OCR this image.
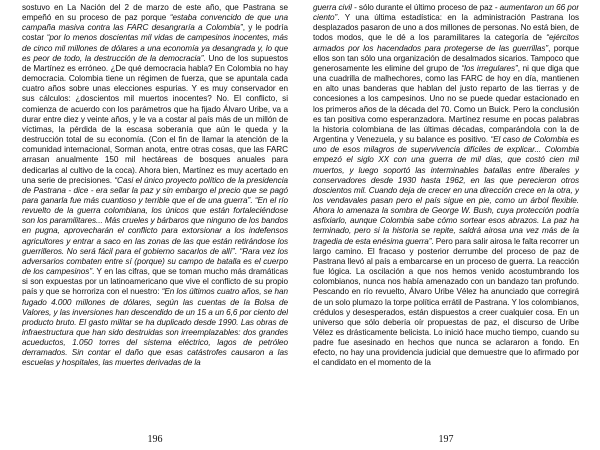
sostuvo en La Nación del 2 de marzo de este año, que Pastrana se empeñó en su proceso de paz porque “estaba convencido de que una campaña masiva contra las FARC desangraría a Colombia”, y le podría costar “por lo menos doscientas mil vidas de campesinos inocentes, más de cinco mil millones de dólares a una economía ya desangrada y, lo que es peor de todo, la destrucción de la democracia”. Uno de los supuestos de Martínez es erróneo. ¿De qué democracia habla? En Colombia no hay democracia. Colombia tiene un régimen de fuerza, que se apuntala cada cuatro años sobre unas elecciones espurias. Y es muy conservador en sus cálculos: ¿doscientos mil muertos inocentes? No. El conflicto, si comienza de acuerdo con los parámetros que ha fijado Álvaro Uribe, va a durar entre diez y veinte años, y le va a costar al país más de un millón de víctimas, la pérdida de la escasa soberanía que aún le queda y la destrucción total de su economía. (Con el fin de llamar la atención de la comunidad internacional, Sorman anota, entre otras cosas, que las FARC arrasan anualmente 150 mil hectáreas de bosques anuales para dedicarlas al cultivo de la coca). Ahora bien, Martínez es muy acertado en una serie de precisiones. “Casi el único proyecto político de la presidencia de Pastrana - dice - era sellar la paz y sin embargo el precio que se pagó para ganarla fue más cuantioso y terrible que el de una guerra”. “En el río revuelto de la guerra colombiana, los únicos que están fortaleciéndose son los paramilitares... Más crueles y bárbaros que ninguno de los bandos en pugna, aprovecharán el conflicto para extorsionar a los indefensos agricultores y entrar a saco en las zonas de las que están retirándose los guerrilleros. No será fácil para el gobierno sacarlos de allí”. “Rara vez los adversarios combaten entre sí (porque) su campo de batalla es el cuerpo de los campesinos”. Y en las cifras, que se toman mucho más dramáticas si son expuestas por un latinoamericano que vive el conflicto de su propio país y que se horroriza con el nuestro: “En los últimos cuatro años, se han fugado 4.000 millones de dólares, según las cuentas de la Bolsa de Valores, y las inversiones han descendido de un 15 a un 6,6 por ciento del producto bruto. El gasto militar se ha duplicado desde 1990. Las obras de infraestructura que han sido destruidas son irreemplazables: dos grandes acueductos, 1.050 torres del sistema eléctrico, lagos de petróleo derramados. Sin contar el daño que esas catástrofes causaron a las escuelas y hospitales, las muertes derivadas de la
196
guerra civil - sólo durante el último proceso de paz - aumentaron un 66 por ciento”. Y una última estadística: en la administración Pastrana los desplazados pasaron de uno a dos millones de personas. No está bien, de todos modos, que le dé a los paramilitares la categoría de “ejércitos armados por los hacendados para protegerse de las guerrillas”, porque ellos son tan sólo una organización de desalmados sicarios. Tampoco que generosamente les elimine del grupo de “los irregulares”, ni que diga que una cuadrilla de malhechores, como las FARC de hoy en día, mantienen en alto unas banderas que hablan del justo reparto de las tierras y de concesiones a los campesinos. Uno no se puede quedar estacionado en los primeros años de la década del 70. Como un Buick. Pero la conclusión es tan positiva como esperanzadora. Martínez resume en pocas palabras la historia colombiana de las últimas décadas, comparándola con la de Argentina y Venezuela, y su balance es positivo. “El caso de Colombia es uno de esos milagros de supervivencia difíciles de explicar... Colombia empezó el siglo XX con una guerra de mil días, que costó cien mil muertos, y luego soportó las interminables batallas entre liberales y conservadores desde 1930 hasta 1962, en las que perecieron otros doscientos mil. Cuando deja de crecer en una dirección crece en la otra, y los vendavales pasan pero el país sigue en pie, como un árbol flexible. Ahora lo amenaza la sombra de George W. Bush, cuya protección podría asfixiarlo, aunque Colombia sabe cómo sortear esos abrazos. La paz ha terminado, pero si la historia se repite, saldrá airosa una vez más de la tragedia de esta enésima guerra”. Pero para salir airosa le falta recorrer un largo camino. El fracaso y posterior derrumbe del proceso de paz de Pastrana llevó al país a embarcarse en un proceso de guerra. La reacción fue lógica. La oscilación a que nos hemos venido acostumbrando los colombianos, nunca nos había amenazado con un bandazo tan profundo. Pescando en río revuelto, Álvaro Uribe Vélez ha anunciado que corregirá de un solo plumazo la torpe política errátil de Pastrana. Y los colombianos, crédulos y desesperados, están dispuestos a creer cualquier cosa. En un universo que sólo debería oír propuestas de paz, el discurso de Uribe Vélez es drásticamente belicista. Lo inició hace mucho tiempo, cuando su padre fue asesinado en hechos que nunca se aclararon a fondo. En efecto, no hay una providencia judicial que demuestre que lo afirmado por el candidato en el momento de la
197
